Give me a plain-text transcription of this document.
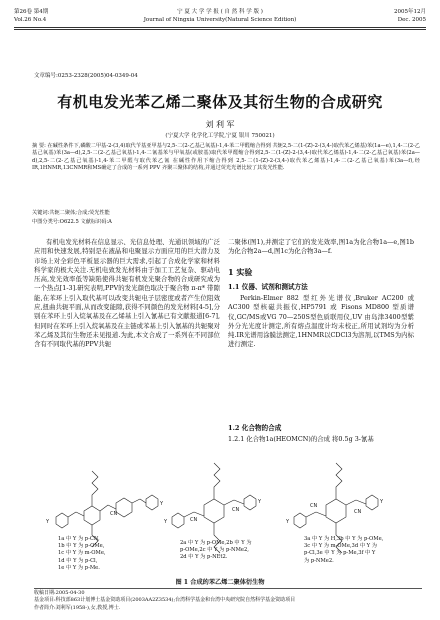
第26卷 第4期
Vol.26 No.4
宁 夏 大 学 学 报 ( 自 然 科 学 版 )
Journal of Ningxia University(Natural Science Edition)
2005年12月
Dec. 2005
文章编号:0253-2328(2005)04-0349-04
有机电发光苯乙烯二聚体及其衍生物的合成研究
刘 利 军
(宁夏大学 化学化工学院,宁夏 银川 750021)
摘 要: 在碱性条件下,磷酸二甲基-2-(3,4)取代苄基亚甲基与2,5-二(2-乙基己氧基)-1,4-苯二甲醛缩合得到 共轭2,5-二(1-(Z)-2-(3,4-)取代苯乙烯基)苯(1a—e),1,4-二(2-乙基己氧基)苯(3a—d),2,5-二(2-乙基己氧基)-1,4-二氰基苯与甲氧基(或胺基)取代苯甲醛缩合得到2,5-二(1-(Z)-2-(3,4-)取代苯乙烯基)-1,4-二(2-乙基己氧基)苯(2a—d),2,5-二(2-乙基己氧基)-1,4-苯二甲醛与取代苯乙氰 在碱性作用下缩合得到 2,5-二(1-(Z)-2-(3,4-)取代苯乙烯基)-1,4-二(2-乙基己氧基)苯(3a—f),经 IR,1HNMR,13CNMR和MS确定了合成的一系列 PPV 齐聚三聚体的结构,并通过荧光光谱比较了其发光性能.
关键词:共轭二聚体;合成;荧光性能
中图分类号:O622.5 文献标识码:A
有机电发光材料在信息显示、光信息处理、光通讯领域的广泛应用和快速发展,特别是在液晶和电聚显示方面应用的巨大潜力及市场上对全彩色平板显示器的巨大需求,引起了合成化学家和材料科学家的极大关注.无机电致发光材料由于加工工艺复杂、驱动电压高,发光效率低等缺陷使得共轭有机发光聚合物的合成研究成为一个热点[1-3].研究表明,PPV的发光颜色取决于聚合物 π-π* 带隙能,在苯环上引入取代基可以改变共轭电子层密度或者产生位阻效应,扭曲共轭平面,从而改变能隙,获得不同颜色的发光材料[4-5],分别在苯环上引入烷氧基及在乙烯基上引入氰基已有文献报道[6-7],但同时在苯环上引入烷氧基及在主链或苯基上引入氰基的共轭聚对苯乙烯及其衍生物还未见报道.为此,本文合成了一系列在不同部位含有不同取代基的PPV共轭
二聚体(图1),并测定了它们的发光效率,图1a为化合物1a—e,图1b为化合物2a—d,图1c为化合物3a—f.
1 实验
1.1 仪器、试剂和测试方法
Perkin-Elmer 882 型红外光谱仪,Bruker AC200 或 AC300 型核磁共振仪,HP5791 或 Fisons MD800 型质谱仪,GC/MS或VG 70—250S型色质联用仪,UV 由岛津3400型紫外分光光度计测定,所有熔点温度计均未校正,所用试剂均为分析纯.IR光谱用涂膜法测定,1HNMR以CDCl3为溶剂,以TMS为内标进行测定.
1.2 化合物的合成
1.2.1 化合物1a(HEOMCN)的合成 将0.5g 3-氰基
Y
Y
CN
Y
Y
CN
CN
Y
Y
CN
CN
1a 中 Y 为 p-CN,
1b 中 Y 为 p-OMe,
1c 中 Y 为 m-OMe,
1d 中 Y 为 p-Cl,
1e 中 Y 为 p-Me.
2a 中 Y 为 p-OMe,2b 中 Y 为
p-OMe,2c 中 Y 为 p-NMe2,
2d 中 Y 为 p-NEt2.
3a 中 Y 为 H,3b 中 Y 为 p-OMe,
3c 中 Y 为 m-OMe,3d 中 Y 为
p-Cl,3e 中 Y 为 p-Me,3f 中 Y
为 p-NMe2.
图 1 合成的苯乙烯二聚体衍生物
收稿日期:2005-04-30
基金项目:科技部863计划博士基金资助项目(2003AA2Z3534);台湾科学基金和台湾中央研究院自然科学基金资助项目
作者简介:刘利军(1958-),女,教授,博士.
